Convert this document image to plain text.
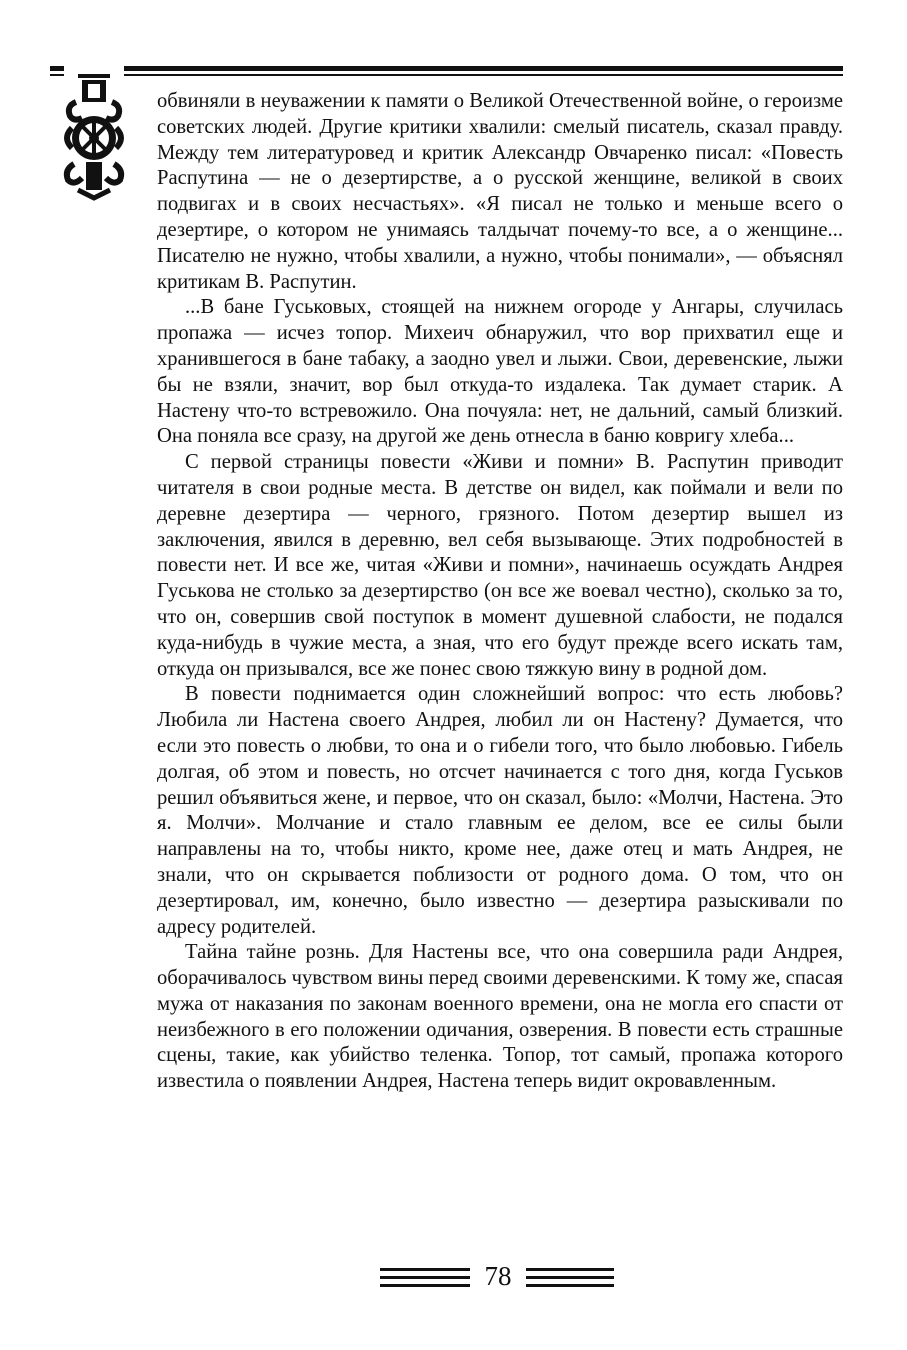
обвиняли в неуважении к памяти о Великой Отечественной войне, о героизме советских людей. Другие критики хвалили: смелый писатель, сказал правду. Между тем литературовед и критик Александр Овчаренко писал: «Повесть Распутина — не о дезертирстве, а о русской женщине, великой в своих подвигах и в своих несчастьях». «Я писал не только и меньше всего о дезертире, о котором не унимаясь талдычат почему-то все, а о женщине... Писателю не нужно, чтобы хвалили, а нужно, чтобы понимали», — объяснял критикам В. Распутин.

...В бане Гуськовых, стоящей на нижнем огороде у Ангары, случилась пропажа — исчез топор. Михеич обнаружил, что вор прихватил еще и хранившегося в бане табаку, а заодно увел и лыжи. Свои, деревенские, лыжи бы не взяли, значит, вор был откуда-то издалека. Так думает старик. А Настену что-то встревожило. Она почуяла: нет, не дальний, самый близкий. Она поняла все сразу, на другой же день отнесла в баню ковригу хлеба...

С первой страницы повести «Живи и помни» В. Распутин приводит читателя в свои родные места. В детстве он видел, как поймали и вели по деревне дезертира — черного, грязного. Потом дезертир вышел из заключения, явился в деревню, вел себя вызывающе. Этих подробностей в повести нет. И все же, читая «Живи и помни», начинаешь осуждать Андрея Гуськова не столько за дезертирство (он все же воевал честно), сколько за то, что он, совершив свой поступок в момент душевной слабости, не подался куда-нибудь в чужие места, а зная, что его будут прежде всего искать там, откуда он призывался, все же понес свою тяжкую вину в родной дом.

В повести поднимается один сложнейший вопрос: что есть любовь? Любила ли Настена своего Андрея, любил ли он Настену? Думается, что если это повесть о любви, то она и о гибели того, что было любовью. Гибель долгая, об этом и повесть, но отсчет начинается с того дня, когда Гуськов решил объявиться жене, и первое, что он сказал, было: «Молчи, Настена. Это я. Молчи». Молчание и стало главным ее делом, все ее силы были направлены на то, чтобы никто, кроме нее, даже отец и мать Андрея, не знали, что он скрывается поблизости от родного дома. О том, что он дезертировал, им, конечно, было известно — дезертира разыскивали по адресу родителей.

Тайна тайне рознь. Для Настены все, что она совершила ради Андрея, оборачивалось чувством вины перед своими деревенскими. К тому же, спасая мужа от наказания по законам военного времени, она не могла его спасти от неизбежного в его положении одичания, озверения. В повести есть страшные сцены, такие, как убийство теленка. Топор, тот самый, пропажа которого известила о появлении Андрея, Настена теперь видит окровавленным.

78
